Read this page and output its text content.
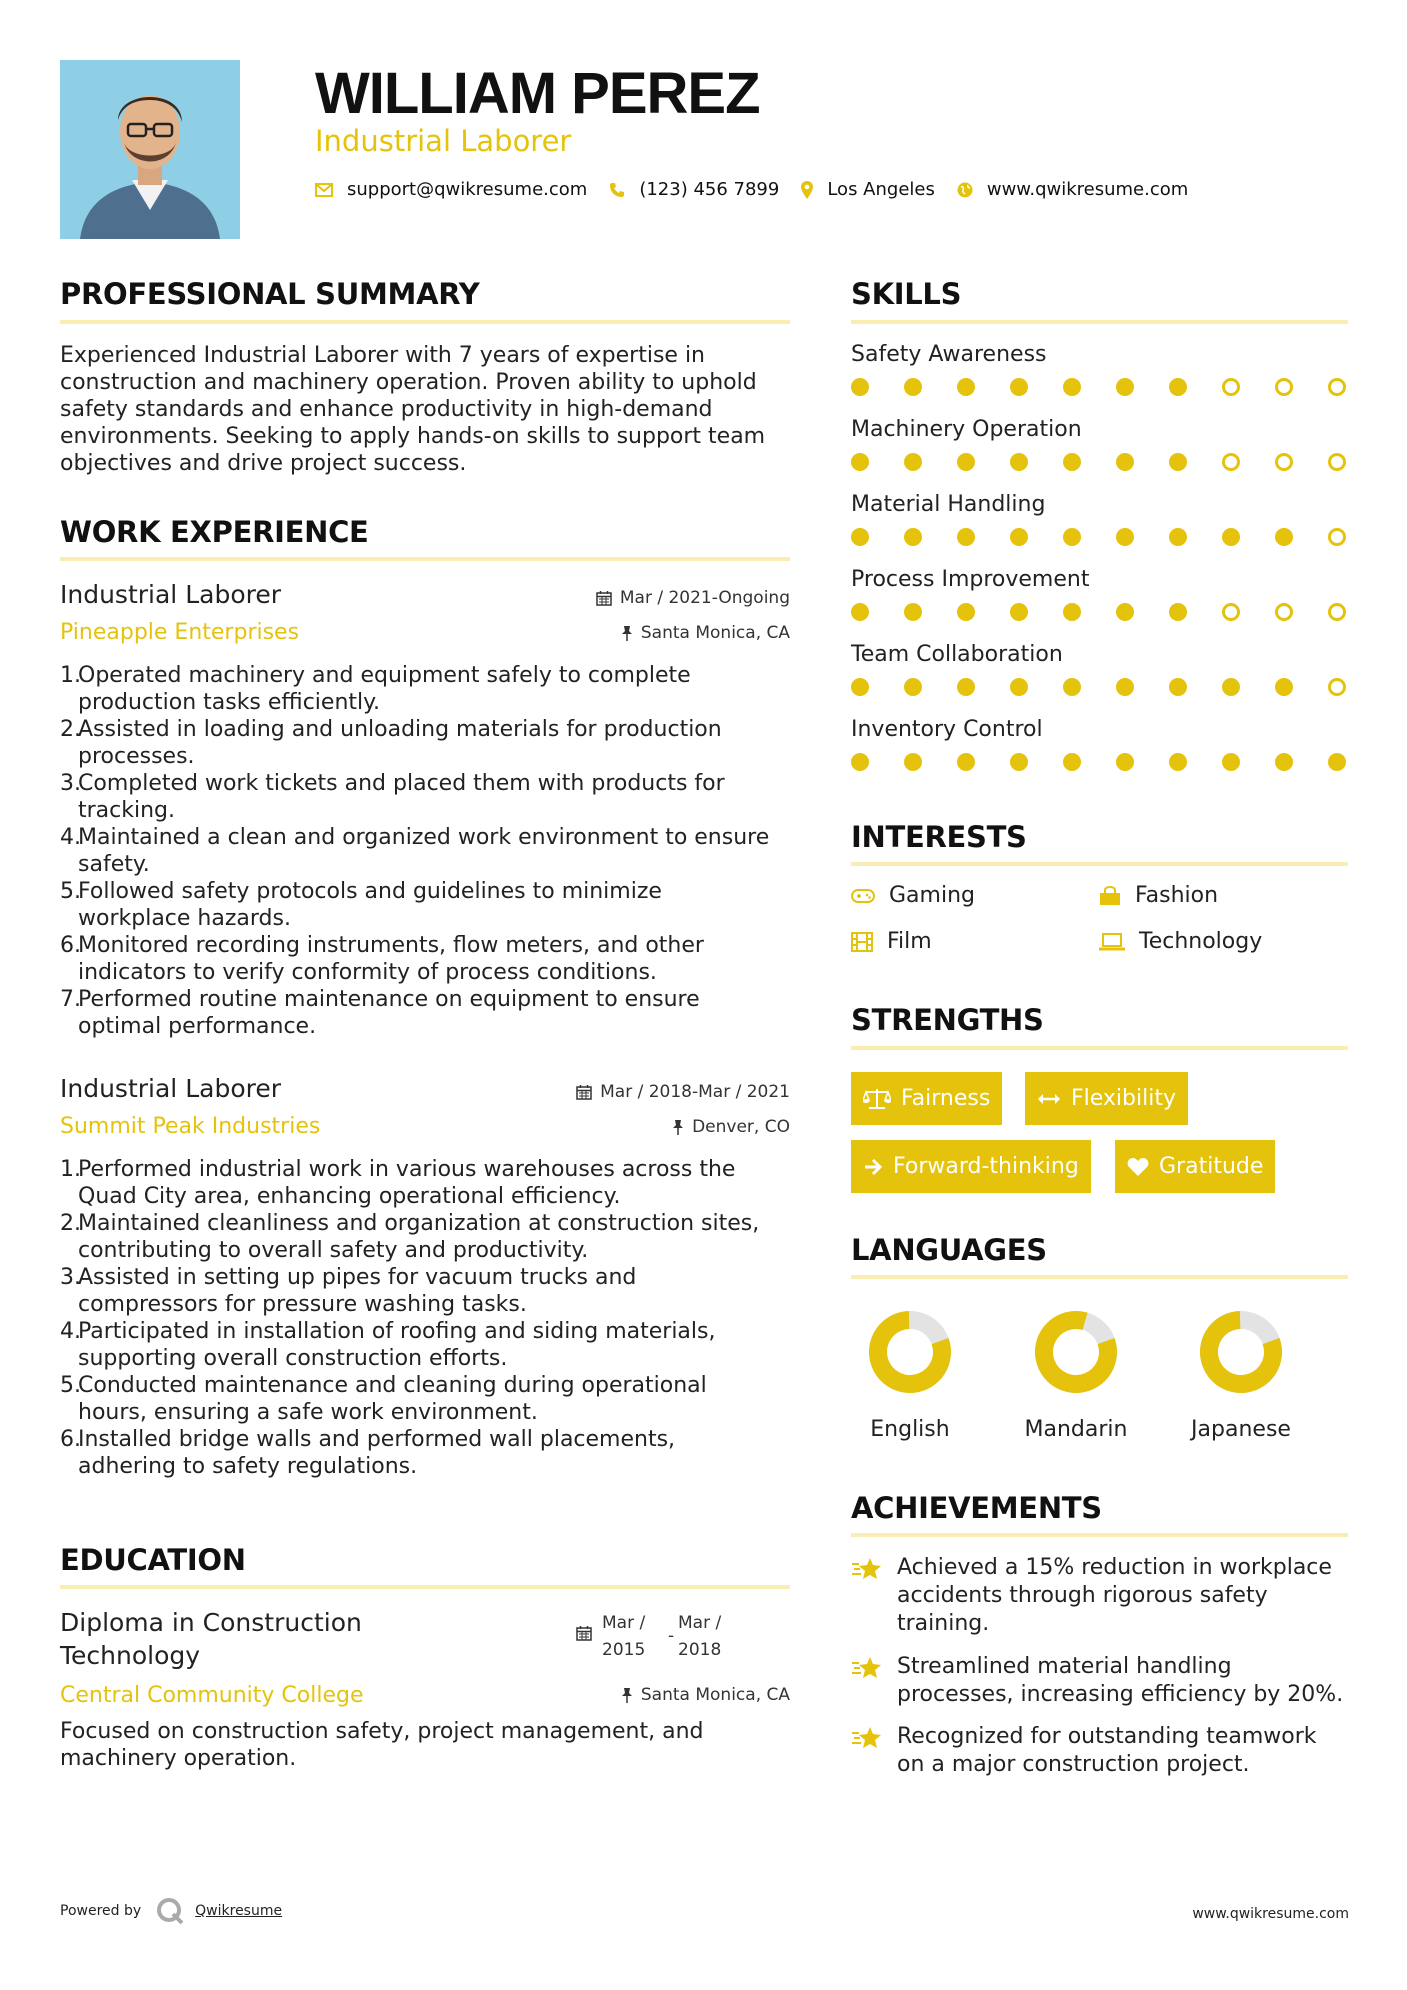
WILLIAM PEREZ
Industrial Laborer
support@qwikresume.com	(123) 456 7899	Los Angeles	www.qwikresume.com
PROFESSIONAL SUMMARY
Experienced Industrial Laborer with 7 years of expertise in
construction and machinery operation. Proven ability to uphold
safety standards and enhance productivity in high-demand
environments. Seeking to apply hands-on skills to support team
objectives and drive project success.
WORK EXPERIENCE
Industrial Laborer
Pineapple Enterprises
Mar / 2021-Ongoing
Santa Monica, CA
1.
Operated machinery and equipment safely to complete
production tasks efficiently.
2.
Assisted in loading and unloading materials for production
processes.
3.
Completed work tickets and placed them with products for
tracking.
4.
Maintained a clean and organized work environment to ensure
safety.
5.
Followed safety protocols and guidelines to minimize
workplace hazards.
6.
Monitored recording instruments, flow meters, and other
indicators to verify conformity of process conditions.
7.
Performed routine maintenance on equipment to ensure
optimal performance.
Industrial Laborer
Summit Peak Industries
Mar / 2018-Mar / 2021
Denver, CO
1.
Performed industrial work in various warehouses across the
Quad City area, enhancing operational efficiency.
2.
Maintained cleanliness and organization at construction sites,
contributing to overall safety and productivity.
3.
Assisted in setting up pipes for vacuum trucks and
compressors for pressure washing tasks.
4.
Participated in installation of roofing and siding materials,
supporting overall construction efforts.
5.
Conducted maintenance and cleaning during operational
hours, ensuring a safe work environment.
6.
Installed bridge walls and performed wall placements,
adhering to safety regulations.
EDUCATION
Diploma in Construction
Technology
Central Community College
Mar /
2015
-
Mar /
2018
Santa Monica, CA
Focused on construction safety, project management, and
machinery operation.
SKILLS
Safety Awareness
Machinery Operation
Material Handling
Process Improvement
Team Collaboration
Inventory Control
INTERESTS
Gaming	Fashion
Film	Technology
STRENGTHS
Fairness	Flexibility
Forward-thinking	Gratitude
LANGUAGES
English	Mandarin	Japanese
ACHIEVEMENTS
Achieved a 15% reduction in workplace
accidents through rigorous safety
training.
Streamlined material handling
processes, increasing efficiency by 20%.
Recognized for outstanding teamwork
on a major construction project.
Powered by	Qwikresume	www.qwikresume.com
